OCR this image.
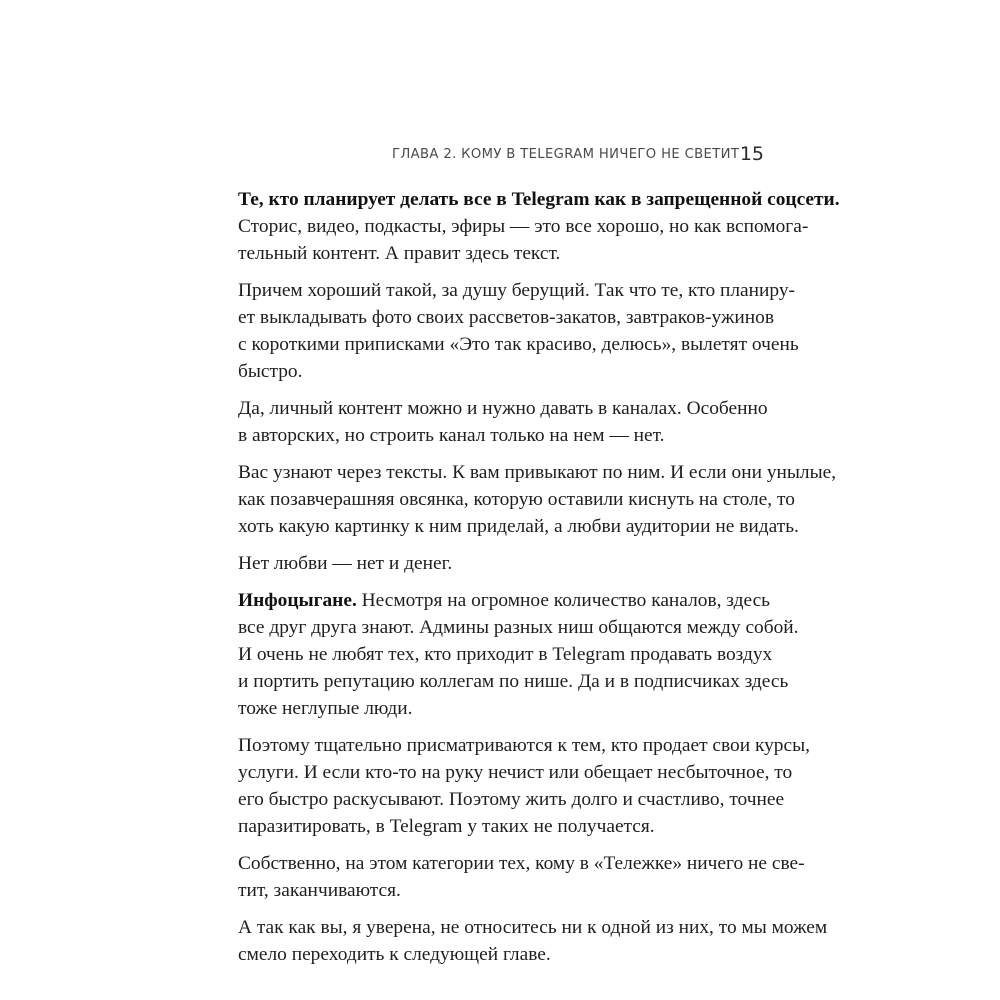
ГЛАВА 2. КОМУ В TELEGRAM НИЧЕГО НЕ СВЕТИТ 15

Те, кто планирует делать все в Telegram как в запрещенной соцсети.
Сторис, видео, подкасты, эфиры — это все хорошо, но как вспомога-
тельный контент. А правит здесь текст.

Причем хороший такой, за душу берущий. Так что те, кто планиру-
ет выкладывать фото своих рассветов-закатов, завтраков-ужинов
с короткими приписками «Это так красиво, делюсь», вылетят очень
быстро.

Да, личный контент можно и нужно давать в каналах. Особенно
в авторских, но строить канал только на нем — нет.

Вас узнают через тексты. К вам привыкают по ним. И если они унылые,
как позавчерашняя овсянка, которую оставили киснуть на столе, то
хоть какую картинку к ним приделай, а любви аудитории не видать.

Нет любви — нет и денег.

Инфоцыгане. Несмотря на огромное количество каналов, здесь
все друг друга знают. Админы разных ниш общаются между собой.
И очень не любят тех, кто приходит в Telegram продавать воздух
и портить репутацию коллегам по нише. Да и в подписчиках здесь
тоже неглупые люди.

Поэтому тщательно присматриваются к тем, кто продает свои курсы,
услуги. И если кто-то на руку нечист или обещает несбыточное, то
его быстро раскусывают. Поэтому жить долго и счастливо, точнее
паразитировать, в Telegram у таких не получается.

Собственно, на этом категории тех, кому в «Тележке» ничего не све-
тит, заканчиваются.

А так как вы, я уверена, не относитесь ни к одной из них, то мы можем
смело переходить к следующей главе.
